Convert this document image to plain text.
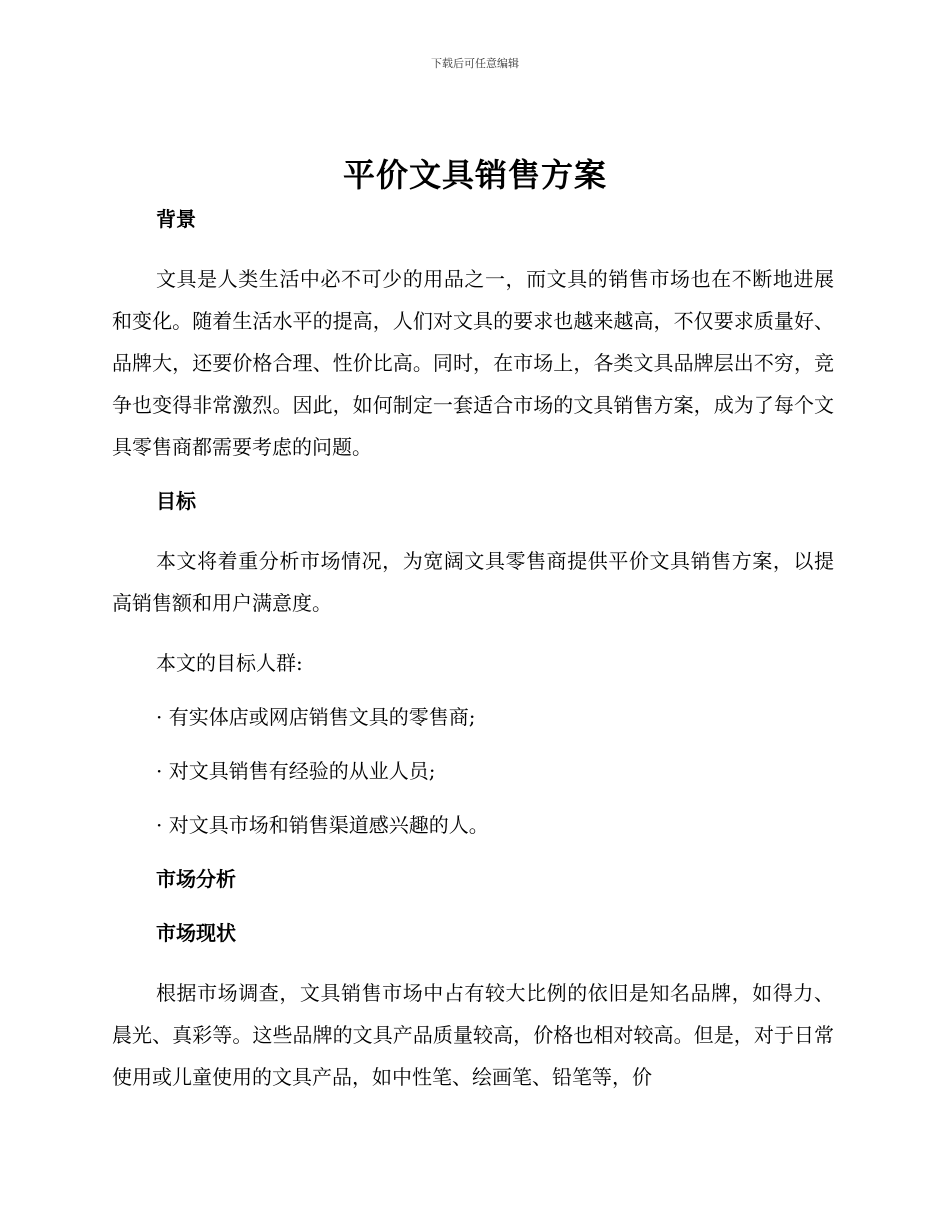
下载后可任意编辑
平价文具销售方案

背景

文具是人类生活中必不可少的用品之一，而文具的销售市场也在不断地进展和变化。随着生活水平的提高，人们对文具的要求也越来越高，不仅要求质量好、品牌大，还要价格合理、性价比高。同时，在市场上，各类文具品牌层出不穷，竞争也变得非常激烈。因此，如何制定一套适合市场的文具销售方案，成为了每个文具零售商都需要考虑的问题。

目标

本文将着重分析市场情况，为宽阔文具零售商提供平价文具销售方案，以提高销售额和用户满意度。

本文的目标人群:

· 有实体店或网店销售文具的零售商;

· 对文具销售有经验的从业人员;

· 对文具市场和销售渠道感兴趣的人。

市场分析

市场现状

根据市场调查，文具销售市场中占有较大比例的依旧是知名品牌，如得力、晨光、真彩等。这些品牌的文具产品质量较高，价格也相对较高。但是，对于日常使用或儿童使用的文具产品，如中性笔、绘画笔、铅笔等，价
